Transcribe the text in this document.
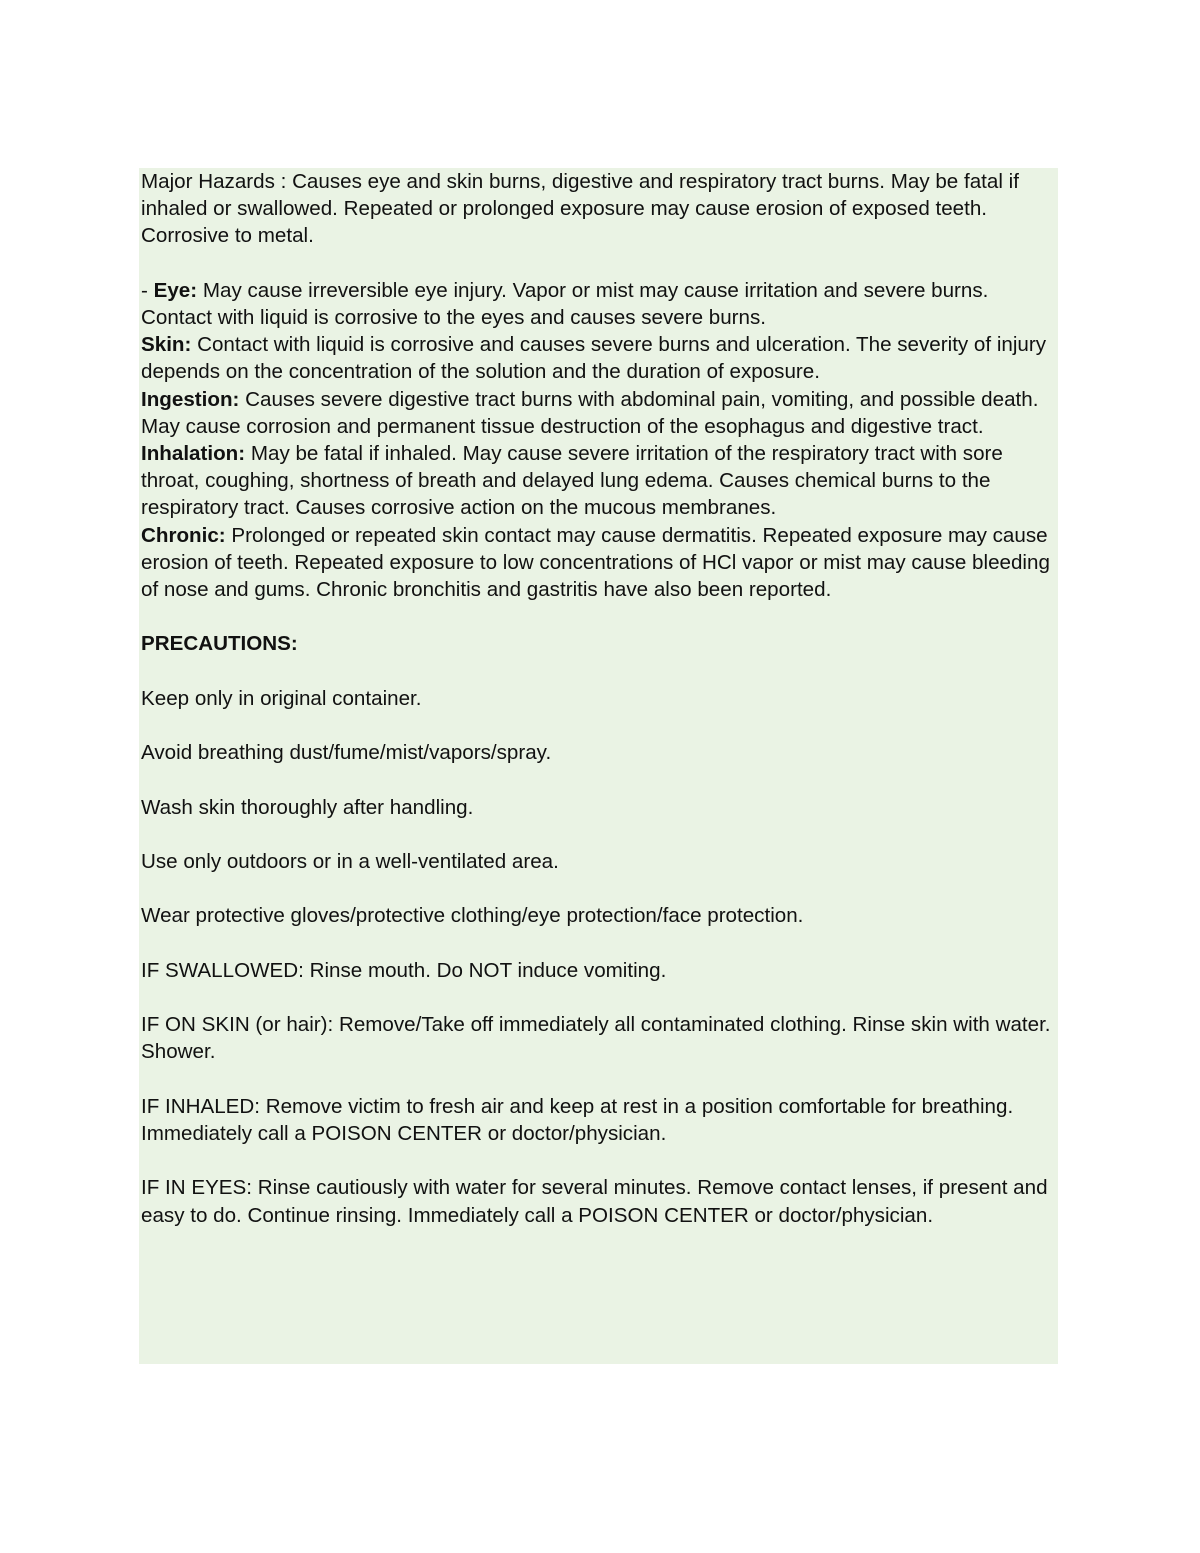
Major Hazards : Causes eye and skin burns, digestive and respiratory tract burns. May be fatal if inhaled or swallowed. Repeated or prolonged exposure may cause erosion of exposed teeth. Corrosive to metal.

- Eye: May cause irreversible eye injury. Vapor or mist may cause irritation and severe burns. Contact with liquid is corrosive to the eyes and causes severe burns.

Skin: Contact with liquid is corrosive and causes severe burns and ulceration. The severity of injury depends on the concentration of the solution and the duration of exposure.

Ingestion: Causes severe digestive tract burns with abdominal pain, vomiting, and possible death. May cause corrosion and permanent tissue destruction of the esophagus and digestive tract.

Inhalation: May be fatal if inhaled. May cause severe irritation of the respiratory tract with sore throat, coughing, shortness of breath and delayed lung edema. Causes chemical burns to the respiratory tract. Causes corrosive action on the mucous membranes.

Chronic: Prolonged or repeated skin contact may cause dermatitis. Repeated exposure may cause erosion of teeth. Repeated exposure to low concentrations of HCl vapor or mist may cause bleeding of nose and gums. Chronic bronchitis and gastritis have also been reported.

PRECAUTIONS:

Keep only in original container.

Avoid breathing dust/fume/mist/vapors/spray.

Wash skin thoroughly after handling.

Use only outdoors or in a well-ventilated area.

Wear protective gloves/protective clothing/eye protection/face protection.

IF SWALLOWED: Rinse mouth. Do NOT induce vomiting.

IF ON SKIN (or hair): Remove/Take off immediately all contaminated clothing. Rinse skin with water. Shower.

IF INHALED: Remove victim to fresh air and keep at rest in a position comfortable for breathing. Immediately call a POISON CENTER or doctor/physician.

IF IN EYES: Rinse cautiously with water for several minutes. Remove contact lenses, if present and easy to do. Continue rinsing. Immediately call a POISON CENTER or doctor/physician.
